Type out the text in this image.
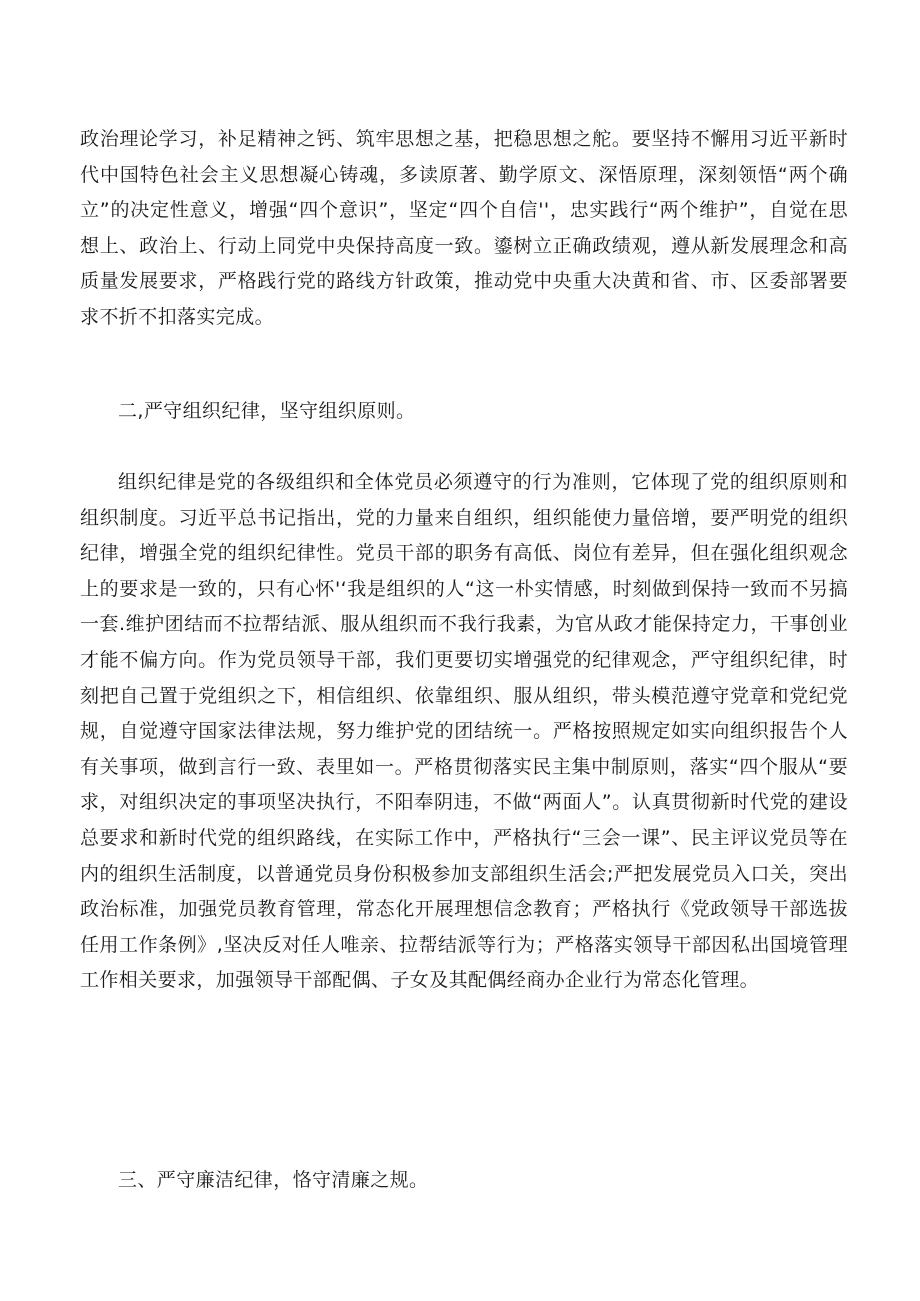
政治理论学习，补足精神之钙、筑牢思想之基，把稳思想之舵。要坚持不懈用习近平新时代中国特色社会主义思想凝心铸魂，多读原著、勤学原文、深悟原理，深刻领悟“两个确立”的决定性意义，增强“四个意识”，坚定“四个自信''，忠实践行“两个维护”，自觉在思想上、政治上、行动上同党中央保持高度一致。鎏树立正确政绩观，遵从新发展理念和高质量发展要求，严格践行党的路线方针政策，推动党中央重大决黄和省、市、区委部署要求不折不扣落实完成。

二,严守组织纪律，坚守组织原则。

组织纪律是党的各级组织和全体党员必须遵守的行为准则，它体现了党的组织原则和组织制度。习近平总书记指出，党的力量来自组织，组织能使力量倍增，要严明党的组织纪律，增强全党的组织纪律性。党员干部的职务有高低、岗位有差异，但在强化组织观念上的要求是一致的，只有心怀'‘我是组织的人“这一朴实情感，时刻做到保持一致而不另搞一套.维护团结而不拉帮结派、服从组织而不我行我素，为官从政才能保持定力，干事创业才能不偏方向。作为党员领导干部，我们更要切实增强党的纪律观念，严守组织纪律，时刻把自己置于党组织之下，相信组织、依靠组织、服从组织，带头模范遵守党章和党纪党规，自觉遵守国家法律法规，努力维护党的团结统一。严格按照规定如实向组织报告个人有关事项，做到言行一致、表里如一。严格贯彻落实民主集中制原则，落实“四个服从“要求，对组织决定的事项坚决执行，不阳奉阴违，不做“两面人”。认真贯彻新时代党的建设总要求和新时代党的组织路线，在实际工作中，严格执行“三会一课”、民主评议党员等在内的组织生活制度，以普通党员身份积极参加支部组织生活会;严把发展党员入口关，突出政治标准，加强党员教育管理，常态化开展理想信念教育；严格执行《党政领导干部选拔任用工作条例》,坚决反对任人唯亲、拉帮结派等行为；严格落实领导干部因私出国境管理工作相关要求，加强领导干部配偶、子女及其配偶经商办企业行为常态化管理。

三、严守廉洁纪律，恪守清廉之规。
